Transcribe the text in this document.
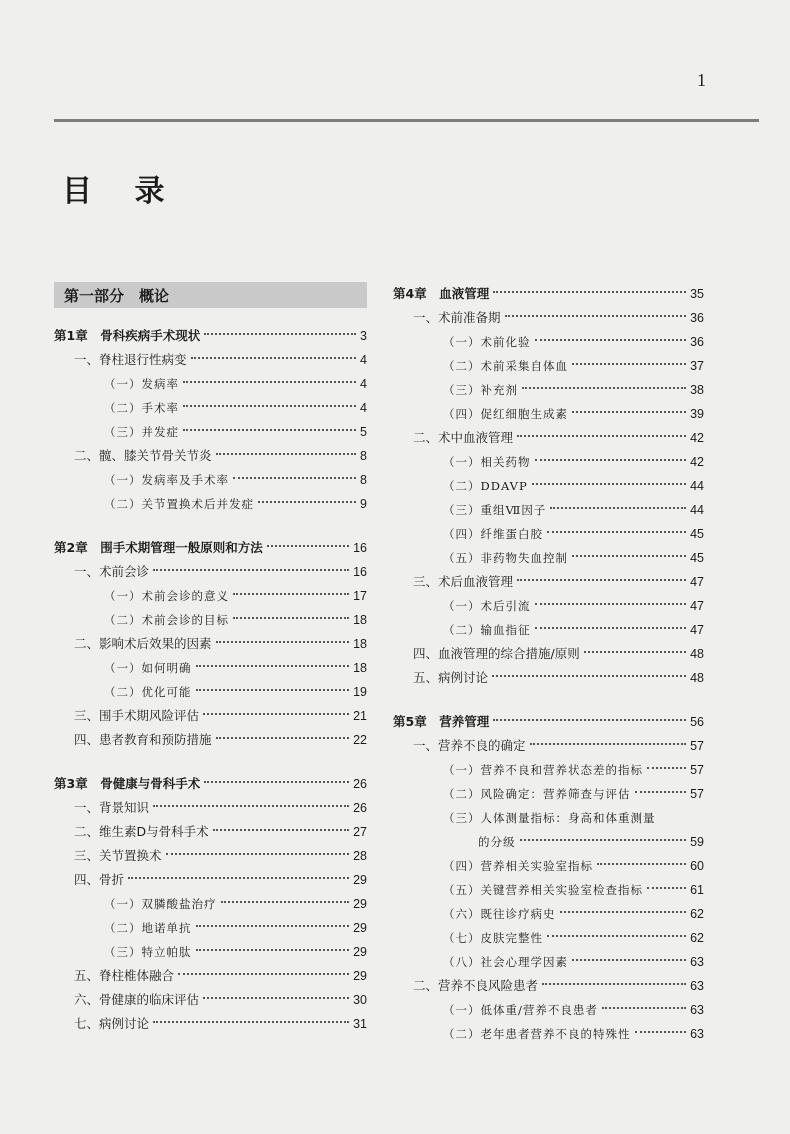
1
目 录
第一部分　概论
第1章　骨科疾病手术现状	3
一、脊柱退行性病变	4
（一）发病率	4
（二）手术率	4
（三）并发症	5
二、髋、膝关节骨关节炎	8
（一）发病率及手术率	8
（二）关节置换术后并发症	9
第2章　围手术期管理一般原则和方法	16
一、术前会诊	16
（一）术前会诊的意义	17
（二）术前会诊的目标	18
二、影响术后效果的因素	18
（一）如何明确	18
（二）优化可能	19
三、围手术期风险评估	21
四、患者教育和预防措施	22
第3章　骨健康与骨科手术	26
一、背景知识	26
二、维生素D与骨科手术	27
三、关节置换术	28
四、骨折	29
（一）双膦酸盐治疗	29
（二）地诺单抗	29
（三）特立帕肽	29
五、脊柱椎体融合	29
六、骨健康的临床评估	30
七、病例讨论	31
第4章　血液管理	35
一、术前准备期	36
（一）术前化验	36
（二）术前采集自体血	37
（三）补充剂	38
（四）促红细胞生成素	39
二、术中血液管理	42
（一）相关药物	42
（二）DDAVP	44
（三）重组Ⅶ因子	44
（四）纤维蛋白胶	45
（五）非药物失血控制	45
三、术后血液管理	47
（一）术后引流	47
（二）输血指征	47
四、血液管理的综合措施/原则	48
五、病例讨论	48
第5章　营养管理	56
一、营养不良的确定	57
（一）营养不良和营养状态差的指标	57
（二）风险确定：营养筛查与评估	57
（三）人体测量指标：身高和体重测量
的分级	59
（四）营养相关实验室指标	60
（五）关键营养相关实验室检查指标	61
（六）既往诊疗病史	62
（七）皮肤完整性	62
（八）社会心理学因素	63
二、营养不良风险患者	63
（一）低体重/营养不良患者	63
（二）老年患者营养不良的特殊性	63
